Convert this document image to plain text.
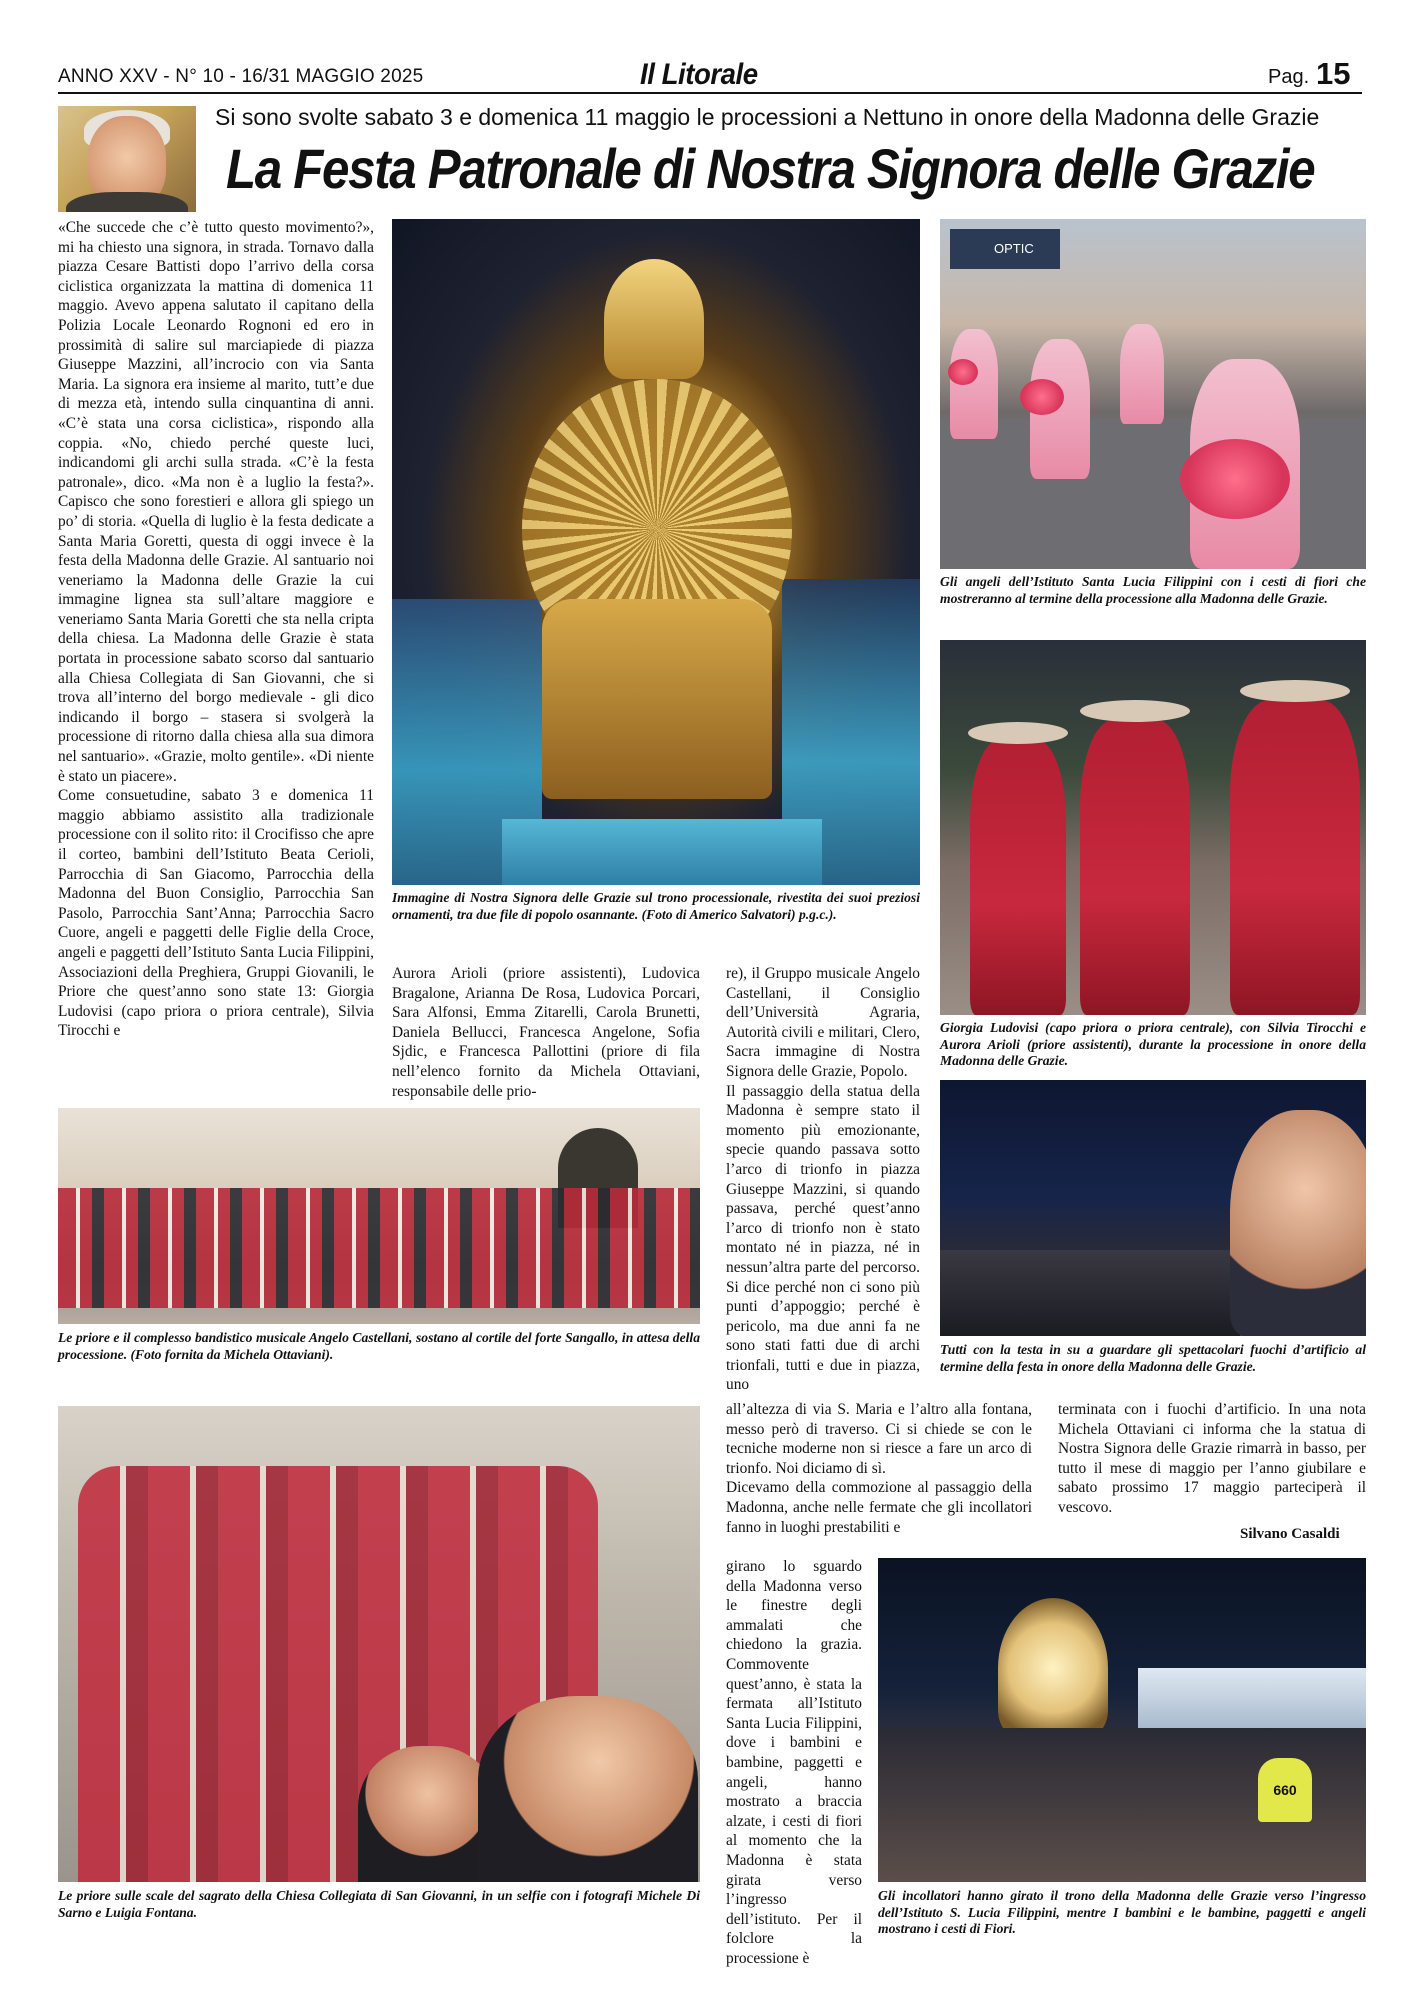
ANNO XXV - N° 10 - 16/31 MAGGIO 2025	Il Litorale	Pag. 15
Si sono svolte sabato 3 e domenica 11 maggio le processioni a Nettuno in onore della Madonna delle Grazie
La Festa Patronale di Nostra Signora delle Grazie

«Che succede che c’è tutto questo movimento?», mi ha chiesto una signora, in strada. Tornavo dalla piazza Cesare Battisti dopo l’arrivo della corsa ciclistica organizzata la mattina di domenica 11 maggio. Avevo appena salutato il capitano della Polizia Locale Leonardo Rognoni ed ero in prossimità di salire sul marciapiede di piazza Giuseppe Mazzini, all’incrocio con via Santa Maria. La signora era insieme al marito, tutt’e due di mezza età, intendo sulla cinquantina di anni. «C’è stata una corsa ciclistica», rispondo alla coppia. «No, chiedo perché queste luci, indicandomi gli archi sulla strada. «C’è la festa patronale», dico. «Ma non è a luglio la festa?». Capisco che sono forestieri e allora gli spiego un po’ di storia. «Quella di luglio è la festa dedicate a Santa Maria Goretti, questa di oggi invece è la festa della Madonna delle Grazie. Al santuario noi veneriamo la Madonna delle Grazie la cui immagine lignea sta sull’altare maggiore e veneriamo Santa Maria Goretti che sta nella cripta della chiesa. La Madonna delle Grazie è stata portata in processione sabato scorso dal santuario alla Chiesa Collegiata di San Giovanni, che si trova all’interno del borgo medievale - gli dico indicando il borgo – stasera si svolgerà la processione di ritorno dalla chiesa alla sua dimora nel santuario». «Grazie, molto gentile». «Di niente è stato un piacere».

Come consuetudine, sabato 3 e domenica 11 maggio abbiamo assistito alla tradizionale processione con il solito rito: il Crocifisso che apre il corteo, bambini dell’Istituto Beata Cerioli, Parrocchia di San Giacomo, Parrocchia della Madonna del Buon Consiglio, Parrocchia San Pasolo, Parrocchia Sant’Anna; Parrocchia Sacro Cuore, angeli e paggetti delle Figlie della Croce, angeli e paggetti dell’Istituto Santa Lucia Filippini, Associazioni della Preghiera, Gruppi Giovanili, le Priore che quest’anno sono state 13: Giorgia Ludovisi (capo priora o priora centrale), Silvia Tirocchi e

Immagine di Nostra Signora delle Grazie sul trono processionale, rivestita dei suoi preziosi ornamenti, tra due file di popolo osannante. (Foto di Americo Salvatori) p.g.c.).

Aurora Arioli (priore assistenti), Ludovica Bragalone, Arianna De Rosa, Ludovica Porcari, Sara Alfonsi, Emma Zitarelli, Carola Brunetti, Daniela Bellucci, Francesca Angelone, Sofia Sjdic, e Francesca Pallottini (priore di fila nell’elenco fornito da Michela Ottaviani, responsabile delle prio-

re), il Gruppo musicale Angelo Castellani, il Consiglio dell’Università Agraria, Autorità civili e militari, Clero, Sacra immagine di Nostra Signora delle Grazie, Popolo.

Il passaggio della statua della Madonna è sempre stato il momento più emozionante, specie quando passava sotto l’arco di trionfo in piazza Giuseppe Mazzini, si quando passava, perché quest’anno l’arco di trionfo non è stato montato né in piazza, né in nessun’altra parte del percorso. Si dice perché non ci sono più punti d’appoggio; perché è pericolo, ma due anni fa ne sono stati fatti due di archi trionfali, tutti e due in piazza, uno

all’altezza di via S. Maria e l’altro alla fontana, messo però di traverso. Ci si chiede se con le tecniche moderne non si riesce a fare un arco di trionfo. Noi diciamo di sì.

Dicevamo della commozione al passaggio della Madonna, anche nelle fermate che gli incollatori fanno in luoghi prestabiliti e

girano lo sguardo della Madonna verso le finestre degli ammalati che chiedono la grazia. Commovente quest’anno, è stata la fermata all’Istituto Santa Lucia Filippini, dove i bambini e bambine, paggetti e angeli, hanno mostrato a braccia alzate, i cesti di fiori al momento che la Madonna è stata girata verso l’ingresso dell’istituto. Per il folclore la processione è

terminata con i fuochi d’artificio. In una nota Michela Ottaviani ci informa che la statua di Nostra Signora delle Grazie rimarrà in basso, per tutto il mese di maggio per l’anno giubilare e sabato prossimo 17 maggio parteciperà il vescovo.

Silvano Casaldi
OPTIC
Gli angeli dell’Istituto Santa Lucia Filippini con i cesti di fiori che mostreranno al termine della processione alla Madonna delle Grazie.
Giorgia Ludovisi (capo priora o priora centrale), con Silvia Tirocchi e Aurora Arioli (priore assistenti), durante la processione in onore della Madonna delle Grazie.
Tutti con la testa in su a guardare gli spettacolari fuochi d’artificio al termine della festa in onore della Madonna delle Grazie.
Le priore e il complesso bandistico musicale Angelo Castellani, sostano al cortile del forte Sangallo, in attesa della processione. (Foto fornita da Michela Ottaviani).
Le priore sulle scale del sagrato della Chiesa Collegiata di San Giovanni, in un selfie con i fotografi Michele Di Sarno e Luigia Fontana.
660
Gli incollatori hanno girato il trono della Madonna delle Grazie verso l’ingresso dell’Istituto S. Lucia Filippini, mentre I bambini e le bambine, paggetti e angeli mostrano i cesti di Fiori.
